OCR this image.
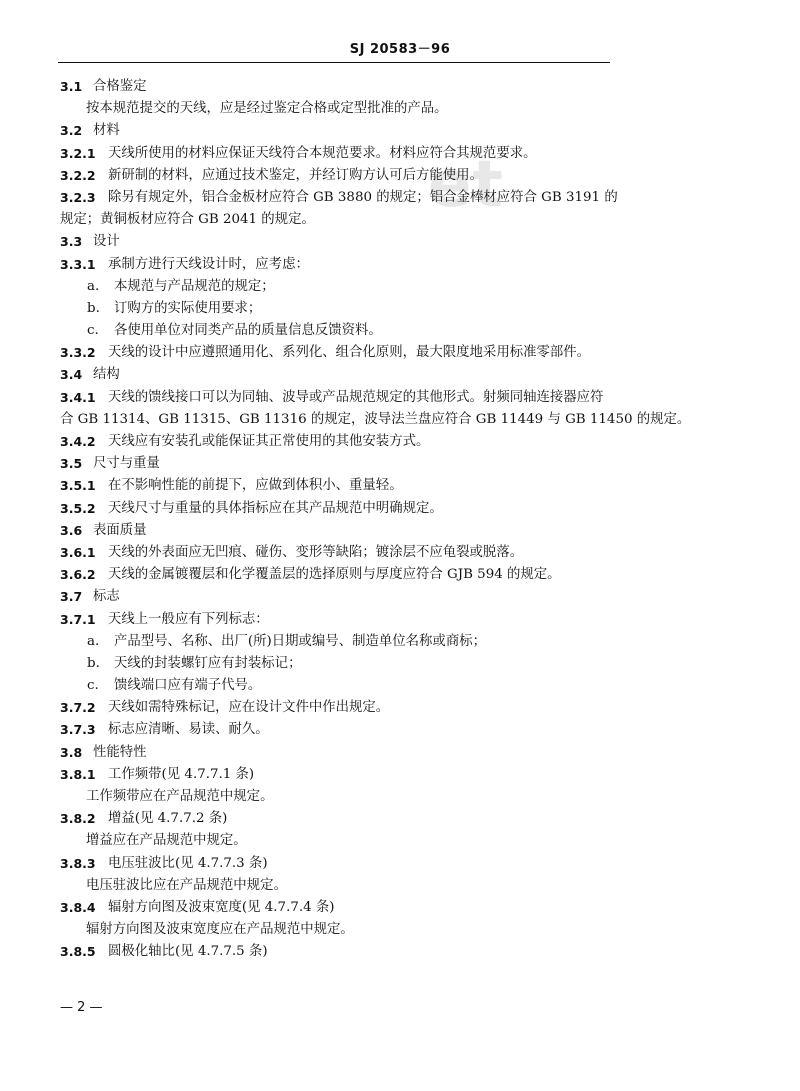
SJ 20583－96
et
3.1 合格鉴定
按本规范提交的天线，应是经过鉴定合格或定型批准的产品。
3.2 材料
3.2.1 天线所使用的材料应保证天线符合本规范要求。材料应符合其规范要求。
3.2.2 新研制的材料，应通过技术鉴定，并经订购方认可后方能使用。
3.2.3 除另有规定外，铝合金板材应符合 GB 3880 的规定；铝合金棒材应符合 GB 3191 的
规定；黄铜板材应符合 GB 2041 的规定。
3.3 设计
3.3.1 承制方进行天线设计时，应考虑：
a. 本规范与产品规范的规定；
b. 订购方的实际使用要求；
c. 各使用单位对同类产品的质量信息反馈资料。
3.3.2 天线的设计中应遵照通用化、系列化、组合化原则，最大限度地采用标准零部件。
3.4 结构
3.4.1 天线的馈线接口可以为同轴、波导或产品规范规定的其他形式。射频同轴连接器应符
合 GB 11314、GB 11315、GB 11316 的规定，波导法兰盘应符合 GB 11449 与 GB 11450 的规定。
3.4.2 天线应有安装孔或能保证其正常使用的其他安装方式。
3.5 尺寸与重量
3.5.1 在不影响性能的前提下，应做到体积小、重量轻。
3.5.2 天线尺寸与重量的具体指标应在其产品规范中明确规定。
3.6 表面质量
3.6.1 天线的外表面应无凹痕、碰伤、变形等缺陷；镀涂层不应龟裂或脱落。
3.6.2 天线的金属镀覆层和化学覆盖层的选择原则与厚度应符合 GJB 594 的规定。
3.7 标志
3.7.1 天线上一般应有下列标志：
a. 产品型号、名称、出厂(所)日期或编号、制造单位名称或商标；
b. 天线的封装螺钉应有封装标记；
c. 馈线端口应有端子代号。
3.7.2 天线如需特殊标记，应在设计文件中作出规定。
3.7.3 标志应清晰、易读、耐久。
3.8 性能特性
3.8.1 工作频带(见 4.7.7.1 条)
工作频带应在产品规范中规定。
3.8.2 增益(见 4.7.7.2 条)
增益应在产品规范中规定。
3.8.3 电压驻波比(见 4.7.7.3 条)
电压驻波比应在产品规范中规定。
3.8.4 辐射方向图及波束宽度(见 4.7.7.4 条)
辐射方向图及波束宽度应在产品规范中规定。
3.8.5 圆极化轴比(见 4.7.7.5 条)
— 2 —
